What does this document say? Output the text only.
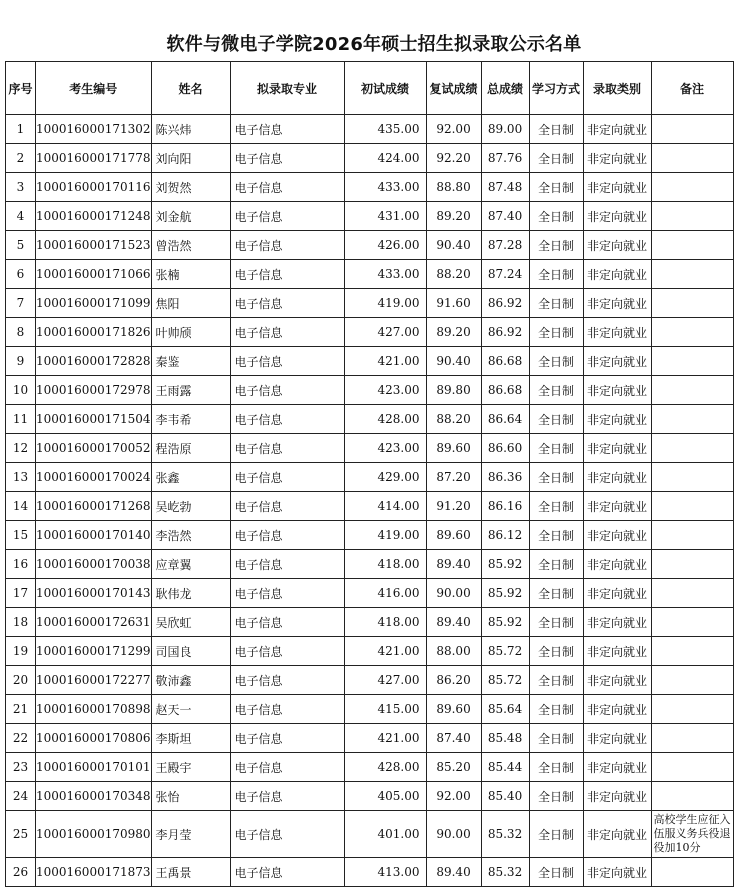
软件与微电子学院2026年硕士招生拟录取公示名单
序号	考生编号	姓名	拟录取专业	初试成绩	复试成绩	总成绩	学习方式	录取类别	备注
1	100016000171302	陈兴炜	电子信息	435.00	92.00	89.00	全日制	非定向就业	
2	100016000171778	刘向阳	电子信息	424.00	92.20	87.76	全日制	非定向就业	
3	100016000170116	刘贺然	电子信息	433.00	88.80	87.48	全日制	非定向就业	
4	100016000171248	刘金航	电子信息	431.00	89.20	87.40	全日制	非定向就业	
5	100016000171523	曾浩然	电子信息	426.00	90.40	87.28	全日制	非定向就业	
6	100016000171066	张楠	电子信息	433.00	88.20	87.24	全日制	非定向就业	
7	100016000171099	焦阳	电子信息	419.00	91.60	86.92	全日制	非定向就业	
8	100016000171826	叶帅颀	电子信息	427.00	89.20	86.92	全日制	非定向就业	
9	100016000172828	秦鉴	电子信息	421.00	90.40	86.68	全日制	非定向就业	
10	100016000172978	王雨露	电子信息	423.00	89.80	86.68	全日制	非定向就业	
11	100016000171504	李韦希	电子信息	428.00	88.20	86.64	全日制	非定向就业	
12	100016000170052	程浩原	电子信息	423.00	89.60	86.60	全日制	非定向就业	
13	100016000170024	张鑫	电子信息	429.00	87.20	86.36	全日制	非定向就业	
14	100016000171268	吴屹勃	电子信息	414.00	91.20	86.16	全日制	非定向就业	
15	100016000170140	李浩然	电子信息	419.00	89.60	86.12	全日制	非定向就业	
16	100016000170038	应章翼	电子信息	418.00	89.40	85.92	全日制	非定向就业	
17	100016000170143	耿伟龙	电子信息	416.00	90.00	85.92	全日制	非定向就业	
18	100016000172631	吴欣虹	电子信息	418.00	89.40	85.92	全日制	非定向就业	
19	100016000171299	司国良	电子信息	421.00	88.00	85.72	全日制	非定向就业	
20	100016000172277	敬沛鑫	电子信息	427.00	86.20	85.72	全日制	非定向就业	
21	100016000170898	赵天一	电子信息	415.00	89.60	85.64	全日制	非定向就业	
22	100016000170806	李斯坦	电子信息	421.00	87.40	85.48	全日制	非定向就业	
23	100016000170101	王殿宇	电子信息	428.00	85.20	85.44	全日制	非定向就业	
24	100016000170348	张怡	电子信息	405.00	92.00	85.40	全日制	非定向就业	
25	100016000170980	李月莹	电子信息	401.00	90.00	85.32	全日制	非定向就业	高校学生应征入伍服义务兵役退役加10分
26	100016000171873	王禹景	电子信息	413.00	89.40	85.32	全日制	非定向就业	
